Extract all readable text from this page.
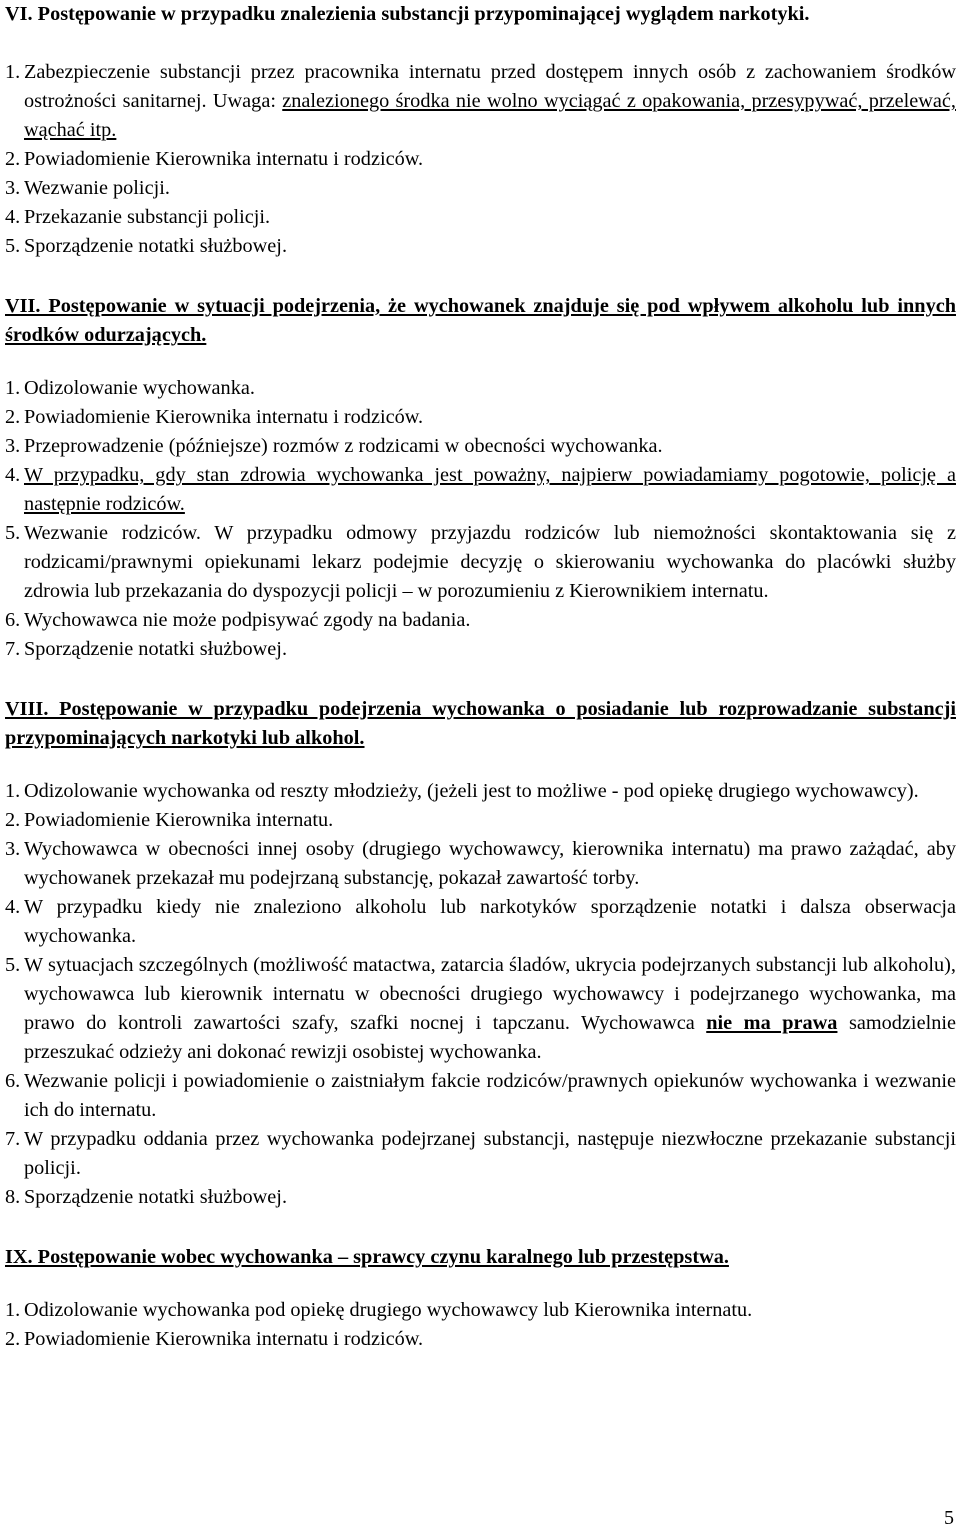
VI. Postępowanie w przypadku znalezienia substancji przypominającej wyglądem narkotyki.
1. Zabezpieczenie substancji przez pracownika internatu przed dostępem innych osób z zachowaniem środków ostrożności sanitarnej. Uwaga: znalezionego środka nie wolno wyciągać z opakowania, przesypywać, przelewać, wąchać itp.
2. Powiadomienie Kierownika internatu i rodziców.
3. Wezwanie policji.
4. Przekazanie substancji policji.
5. Sporządzenie notatki służbowej.
VII. Postępowanie w sytuacji podejrzenia, że wychowanek znajduje się pod wpływem alkoholu lub innych środków odurzających.
1. Odizolowanie wychowanka.
2. Powiadomienie Kierownika internatu i rodziców.
3. Przeprowadzenie (późniejsze) rozmów z rodzicami w obecności wychowanka.
4. W przypadku, gdy stan zdrowia wychowanka jest poważny, najpierw powiadamiamy pogotowie, policję a następnie rodziców.
5. Wezwanie rodziców. W przypadku odmowy przyjazdu rodziców lub niemożności skontaktowania się z rodzicami/prawnymi opiekunami lekarz podejmie decyzję o skierowaniu wychowanka do placówki służby zdrowia lub przekazania do dyspozycji policji – w porozumieniu z Kierownikiem internatu.
6. Wychowawca nie może podpisywać zgody na badania.
7. Sporządzenie notatki służbowej.
VIII. Postępowanie w przypadku podejrzenia wychowanka o posiadanie lub rozprowadzanie substancji przypominających narkotyki lub alkohol.
1. Odizolowanie wychowanka od reszty młodzieży, (jeżeli jest to możliwe - pod opiekę drugiego wychowawcy).
2. Powiadomienie Kierownika internatu.
3. Wychowawca w obecności innej osoby (drugiego wychowawcy, kierownika internatu) ma prawo zażądać, aby wychowanek przekazał mu podejrzaną substancję, pokazał zawartość torby.
4. W przypadku kiedy nie znaleziono alkoholu lub narkotyków sporządzenie notatki i dalsza obserwacja wychowanka.
5. W sytuacjach szczególnych (możliwość matactwa, zatarcia śladów, ukrycia podejrzanych substancji lub alkoholu), wychowawca lub kierownik internatu w obecności drugiego wychowawcy i podejrzanego wychowanka, ma prawo do kontroli zawartości szafy, szafki nocnej i tapczanu. Wychowawca nie ma prawa samodzielnie przeszukać odzieży ani dokonać rewizji osobistej wychowanka.
6. Wezwanie policji i powiadomienie o zaistniałym fakcie rodziców/prawnych opiekunów wychowanka i wezwanie ich do internatu.
7. W przypadku oddania przez wychowanka podejrzanej substancji, następuje niezwłoczne przekazanie substancji policji.
8. Sporządzenie notatki służbowej.
IX. Postępowanie wobec wychowanka – sprawcy czynu karalnego lub przestępstwa.
1. Odizolowanie wychowanka pod opiekę drugiego wychowawcy lub Kierownika internatu.
2. Powiadomienie Kierownika internatu i rodziców.
5
